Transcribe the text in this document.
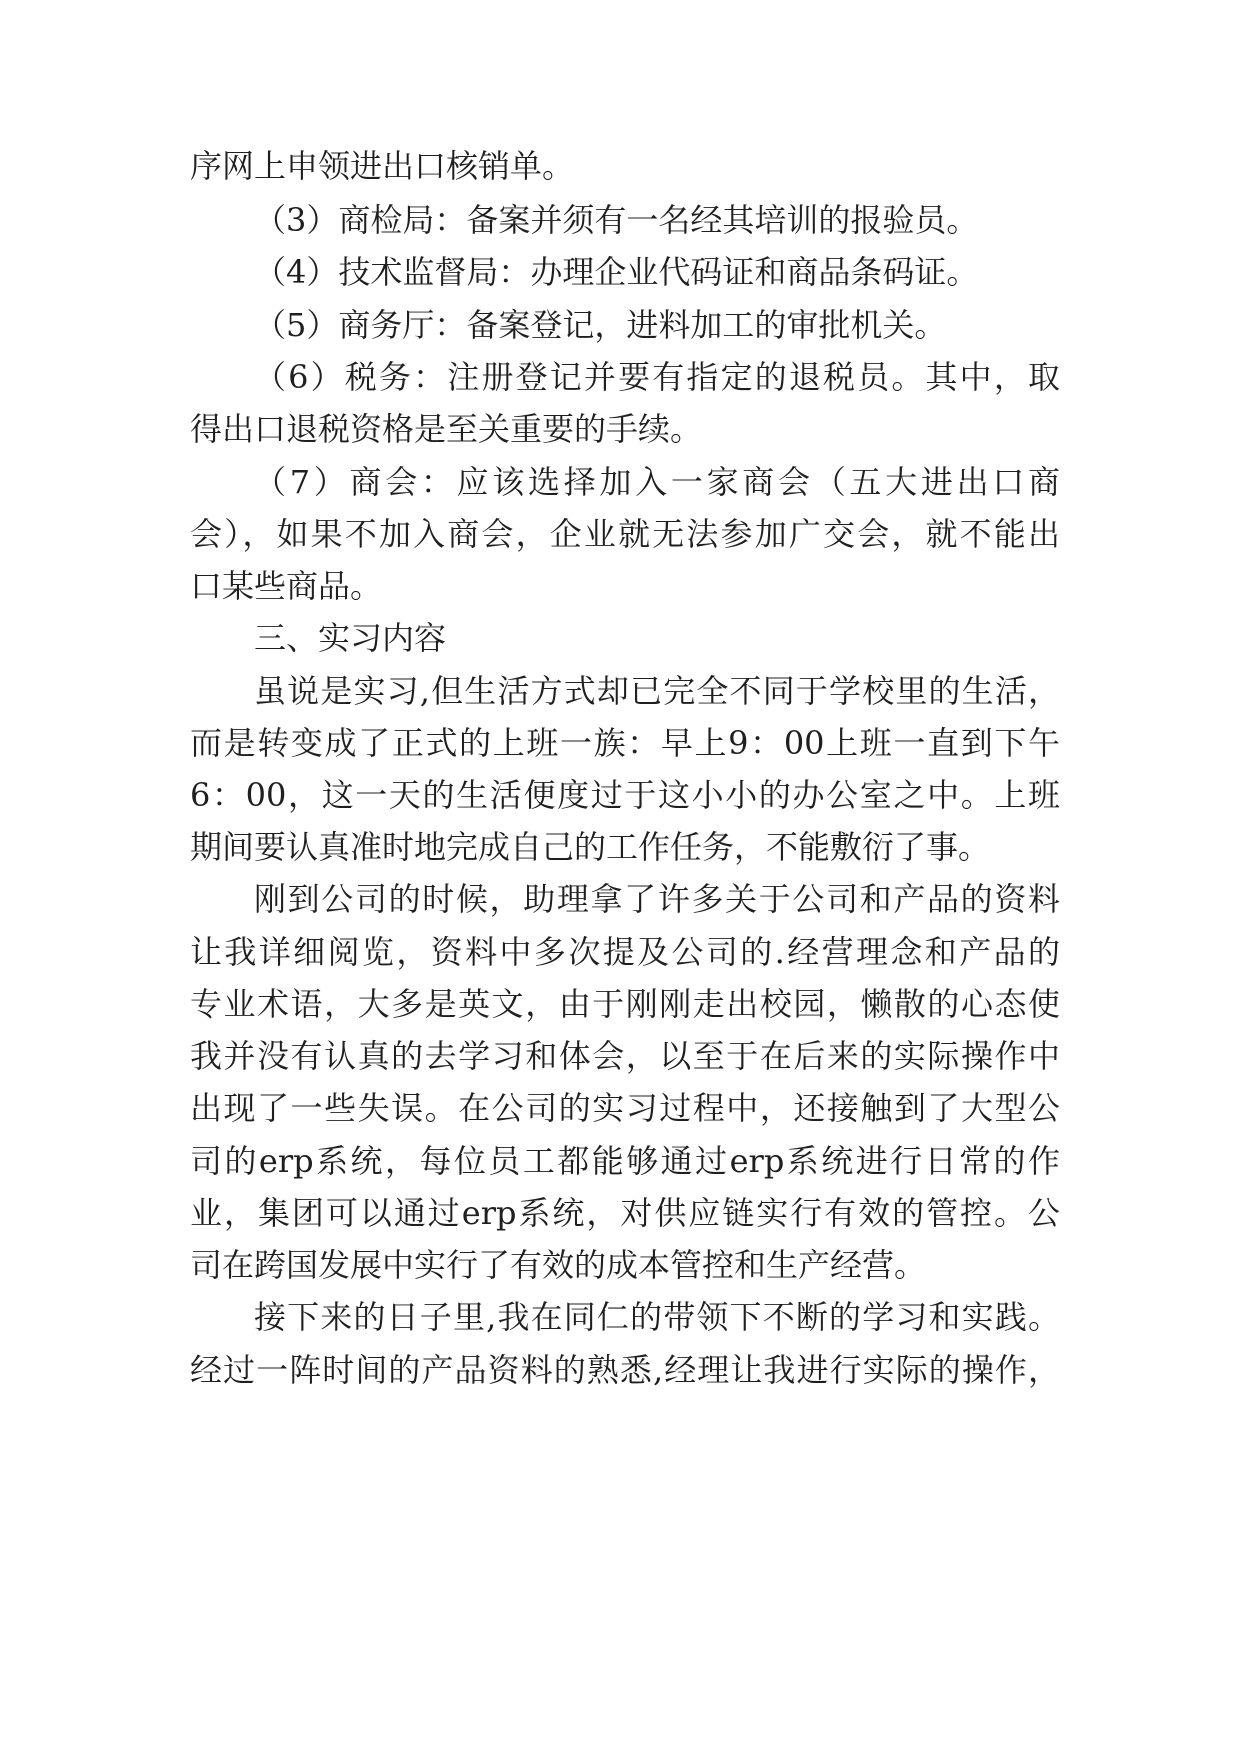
序网上申领进出口核销单。
（3）商检局：备案并须有一名经其培训的报验员。
（4）技术监督局：办理企业代码证和商品条码证。
（5）商务厅：备案登记，进料加工的审批机关。
（6）税务：注册登记并要有指定的退税员。其中，取
得出口退税资格是至关重要的手续。
（7）商会：应该选择加入一家商会（五大进出口商
会），如果不加入商会，企业就无法参加广交会，就不能出
口某些商品。
三、实习内容
虽说是实习,但生活方式却已完全不同于学校里的生活，
而是转变成了正式的上班一族：早上9：00上班一直到下午
6：00，这一天的生活便度过于这小小的办公室之中。上班
期间要认真准时地完成自己的工作任务，不能敷衍了事。
刚到公司的时候，助理拿了许多关于公司和产品的资料
让我详细阅览，资料中多次提及公司的.经营理念和产品的
专业术语，大多是英文，由于刚刚走出校园，懒散的心态使
我并没有认真的去学习和体会，以至于在后来的实际操作中
出现了一些失误。在公司的实习过程中，还接触到了大型公
司的erp系统，每位员工都能够通过erp系统进行日常的作
业，集团可以通过erp系统，对供应链实行有效的管控。公
司在跨国发展中实行了有效的成本管控和生产经营。
接下来的日子里,我在同仁的带领下不断的学习和实践。
经过一阵时间的产品资料的熟悉,经理让我进行实际的操作，
